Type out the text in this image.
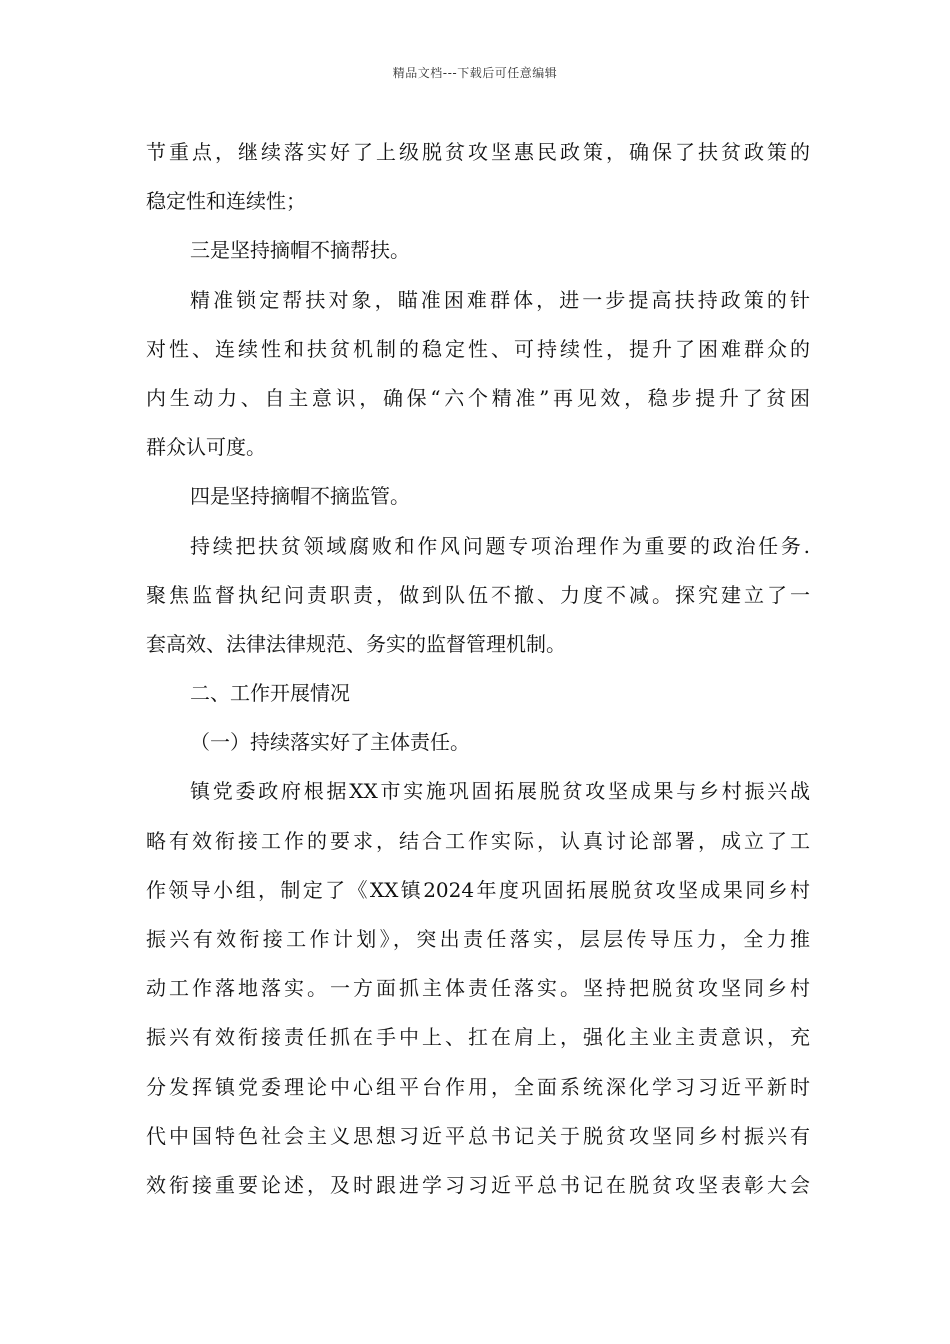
精品文档---下载后可任意编辑
节重点，继续落实好了上级脱贫攻坚惠民政策，确保了扶贫政策的
稳定性和连续性；
三是坚持摘帽不摘帮扶。
精准锁定帮扶对象，瞄准困难群体，进一步提高扶持政策的针
对性、连续性和扶贫机制的稳定性、可持续性，提升了困难群众的
内生动力、自主意识，确保“六个精准”再见效，稳步提升了贫困
群众认可度。
四是坚持摘帽不摘监管。
持续把扶贫领域腐败和作风问题专项治理作为重要的政治任务.
聚焦监督执纪问责职责，做到队伍不撤、力度不减。探究建立了一
套高效、法律法律规范、务实的监督管理机制。
二、工作开展情况
（一）持续落实好了主体责任。
镇党委政府根据XX市实施巩固拓展脱贫攻坚成果与乡村振兴战
略有效衔接工作的要求，结合工作实际，认真讨论部署，成立了工
作领导小组，制定了《XX镇2024年度巩固拓展脱贫攻坚成果同乡村
振兴有效衔接工作计划》，突出责任落实，层层传导压力，全力推
动工作落地落实。一方面抓主体责任落实。坚持把脱贫攻坚同乡村
振兴有效衔接责任抓在手中上、扛在肩上，强化主业主责意识，充
分发挥镇党委理论中心组平台作用，全面系统深化学习习近平新时
代中国特色社会主义思想习近平总书记关于脱贫攻坚同乡村振兴有
效衔接重要论述，及时跟进学习习近平总书记在脱贫攻坚表彰大会
